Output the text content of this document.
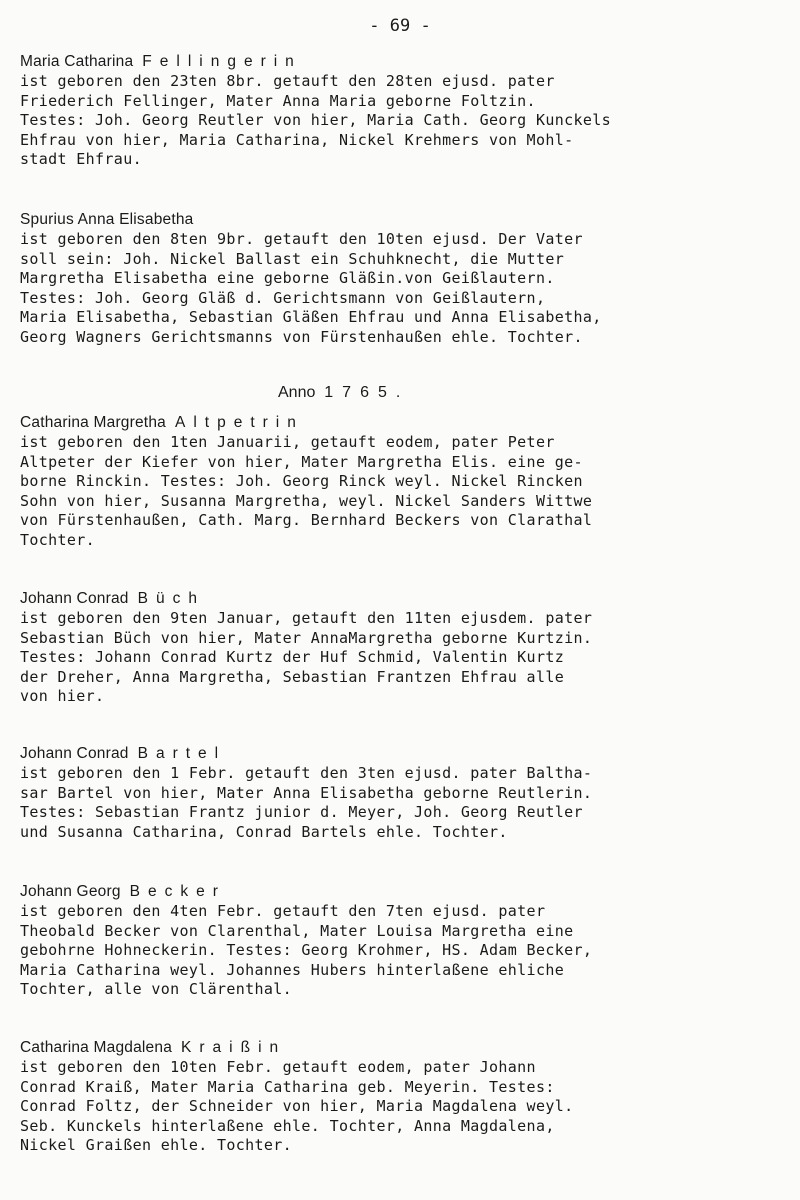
- 69 -
Maria Catharina Fellingerin
ist geboren den 23ten 8br. getauft den 28ten ejusd. pater
Friederich Fellinger, Mater Anna Maria geborne Foltzin.
Testes: Joh. Georg Reutler von hier, Maria Cath. Georg Kunckels
Ehfrau von hier, Maria Catharina, Nickel Krehmers von Mohl-
stadt Ehfrau.
Spurius Anna Elisabetha
ist geboren den 8ten 9br. getauft den 10ten ejusd. Der Vater
soll sein: Joh. Nickel Ballast ein Schuhknecht, die Mutter
Margretha Elisabetha eine geborne Gläßin.von Geißlautern.
Testes: Joh. Georg Gläß d. Gerichtsmann von Geißlautern,
Maria Elisabetha, Sebastian Gläßen Ehfrau und Anna Elisabetha,
Georg Wagners Gerichtsmanns von Fürstenhaußen ehle. Tochter.
Anno 1765.
Catharina Margretha Altpetrin
ist geboren den 1ten Januarii, getauft eodem, pater Peter
Altpeter der Kiefer von hier, Mater Margretha Elis. eine ge-
borne Rinckin. Testes: Joh. Georg Rinck weyl. Nickel Rincken
Sohn von hier, Susanna Margretha, weyl. Nickel Sanders Wittwe
von Fürstenhaußen, Cath. Marg. Bernhard Beckers von Clarathal
Tochter.
Johann Conrad Büch
ist geboren den 9ten Januar, getauft den 11ten ejusdem. pater
Sebastian Büch von hier, Mater AnnaMargretha geborne Kurtzin.
Testes: Johann Conrad Kurtz der Huf Schmid, Valentin Kurtz
der Dreher, Anna Margretha, Sebastian Frantzen Ehfrau alle
von hier.
Johann Conrad Bartel
ist geboren den 1 Febr. getauft den 3ten ejusd. pater Baltha-
sar Bartel von hier, Mater Anna Elisabetha geborne Reutlerin.
Testes: Sebastian Frantz junior d. Meyer, Joh. Georg Reutler
und Susanna Catharina, Conrad Bartels ehle. Tochter.
Johann Georg Becker
ist geboren den 4ten Febr. getauft den 7ten ejusd. pater
Theobald Becker von Clarenthal, Mater Louisa Margretha eine
gebohrne Hohneckerin. Testes: Georg Krohmer, HS. Adam Becker,
Maria Catharina weyl. Johannes Hubers hinterlaßene ehliche
Tochter, alle von Clärenthal.
Catharina Magdalena Kraißin
ist geboren den 10ten Febr. getauft eodem, pater Johann
Conrad Kraiß, Mater Maria Catharina geb. Meyerin. Testes:
Conrad Foltz, der Schneider von hier, Maria Magdalena weyl.
Seb. Kunckels hinterlaßene ehle. Tochter, Anna Magdalena,
Nickel Graißen ehle. Tochter.
